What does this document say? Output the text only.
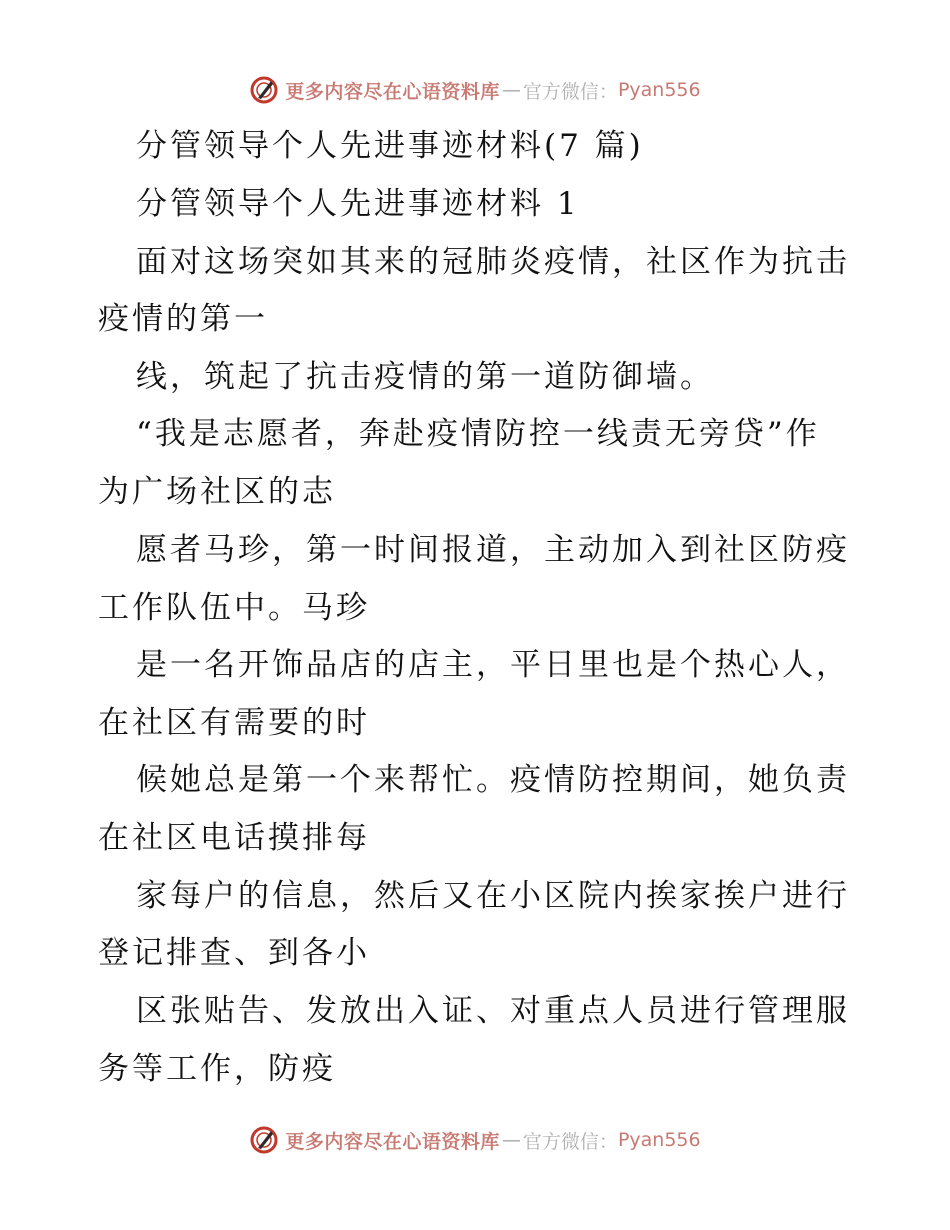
更多内容尽在心语资料库 — 官方微信： Pyan556
分管领导个人先进事迹材料(7 篇)
分管领导个人先进事迹材料 1
面对这场突如其来的冠肺炎疫情，社区作为抗击
疫情的第一
线，筑起了抗击疫情的第一道防御墙。
“我是志愿者，奔赴疫情防控一线责无旁贷”作
为广场社区的志
愿者马珍，第一时间报道，主动加入到社区防疫
工作队伍中。马珍
是一名开饰品店的店主，平日里也是个热心人，
在社区有需要的时
候她总是第一个来帮忙。疫情防控期间，她负责
在社区电话摸排每
家每户的信息，然后又在小区院内挨家挨户进行
登记排查、到各小
区张贴告、发放出入证、对重点人员进行管理服
务等工作，防疫
更多内容尽在心语资料库 — 官方微信： Pyan556
